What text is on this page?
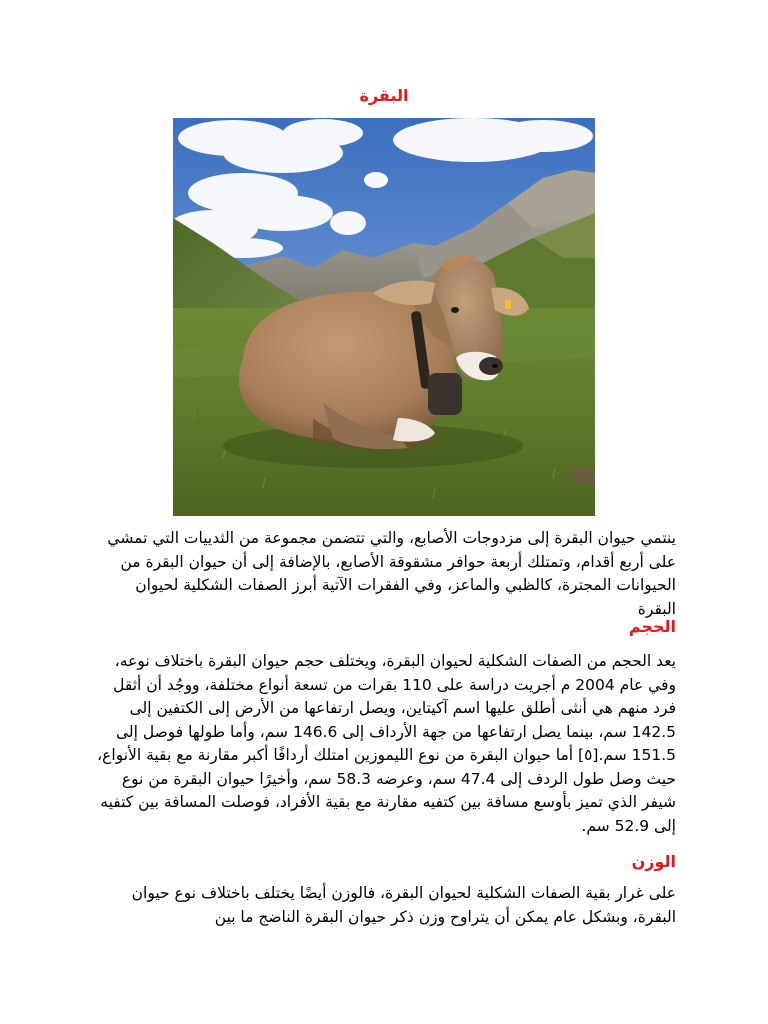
البقرة

ينتمي حيوان البقرة إلى مزدوجات الأصابع، والتي تتضمن مجموعة من الثدييات التي تمشي على أربع أقدام، وتمتلك أربعة حوافر مشقوقة الأصابع، بالإضافة إلى أن حيوان البقرة من الحيوانات المجترة، كالظبي والماعز، وفي الفقرات الآتية أبرز الصفات الشكلية لحيوان البقرة

الحجم

يعد الحجم من الصفات الشكلية لحيوان البقرة، ويختلف حجم حيوان البقرة باختلاف نوعه، وفي عام 2004 م أجريت دراسة على 110 بقرات من تسعة أنواع مختلفة، ووجُد أن أثقل فرد منهم هي أنثى أطلق عليها اسم آكيتاين، ويصل ارتفاعها من الأرض إلى الكتفين إلى 142.5 سم، بينما يصل ارتفاعها من جهة الأرداف إلى 146.6 سم، وأما طولها فوصل إلى 151.5 سم.[٥] أما حيوان البقرة من نوع الليموزين امتلك أردافًا أكبر مقارنة مع بقية الأنواع، حيث وصل طول الردف إلى 47.4 سم، وعرضه 58.3 سم، وأخيرًا حيوان البقرة من نوع شيفر الذي تميز بأوسع مسافة بين كتفيه مقارنة مع بقية الأفراد، فوصلت المسافة بين كتفيه إلى 52.9 سم.

الوزن

على غرار بقية الصفات الشكلية لحيوان البقرة، فالوزن أيضًا يختلف باختلاف نوع حيوان البقرة، وبشكل عام يمكن أن يتراوح وزن ذكر حيوان البقرة الناضج ما بين
